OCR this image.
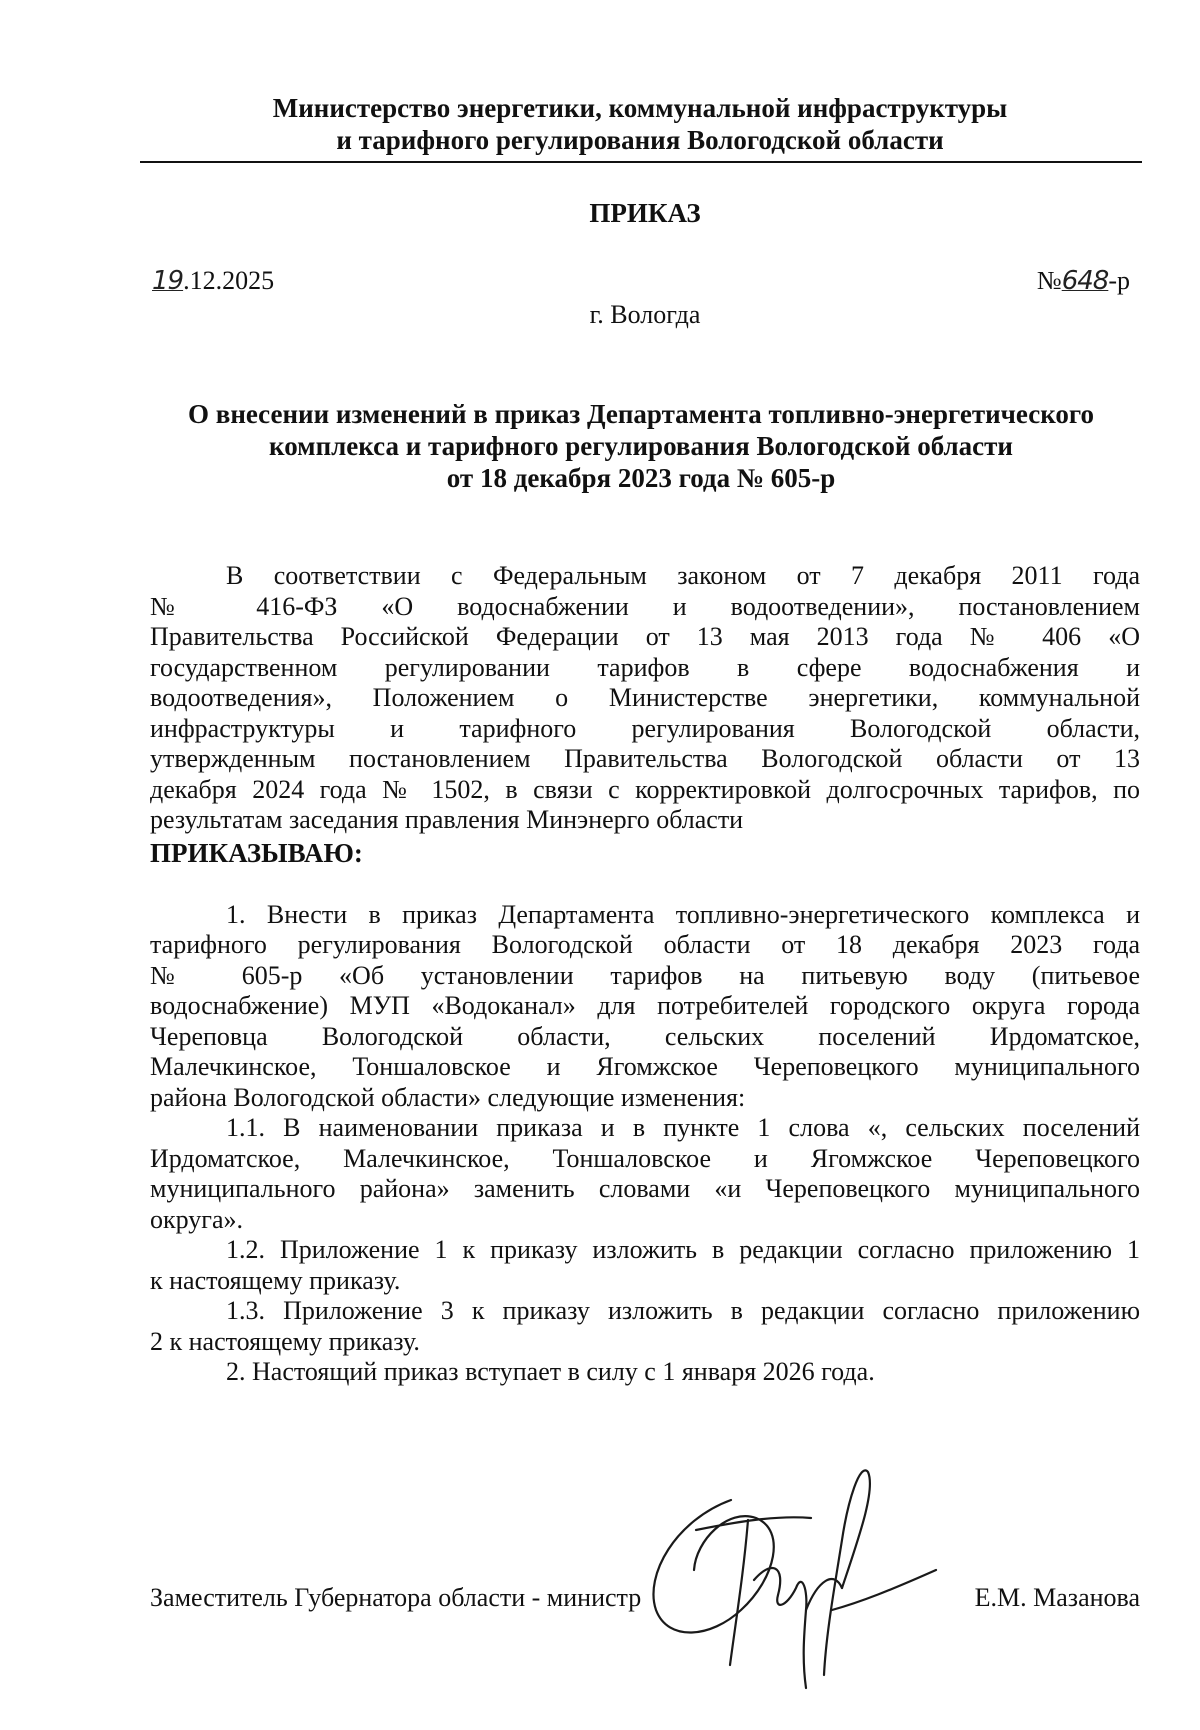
Министерство энергетики, коммунальной инфраструктуры
и тарифного регулирования Вологодской области
ПРИКАЗ
19.12.2025	№648-р
г. Вологда
О внесении изменений в приказ Департамента топливно-энергетического
комплекса и тарифного регулирования Вологодской области
от 18 декабря 2023 года № 605-р
В соответствии с Федеральным законом от 7 декабря 2011 года
№ 416-ФЗ «О водоснабжении и водоотведении», постановлением
Правительства Российской Федерации от 13 мая 2013 года № 406 «О
государственном регулировании тарифов в сфере водоснабжения и
водоотведения», Положением о Министерстве энергетики, коммунальной
инфраструктуры и тарифного регулирования Вологодской области,
утвержденным постановлением Правительства Вологодской области от 13
декабря 2024 года № 1502, в связи с корректировкой долгосрочных тарифов, по
результатам заседания правления Минэнерго области
ПРИКАЗЫВАЮ:
1. Внести в приказ Департамента топливно-энергетического комплекса и
тарифного регулирования Вологодской области от 18 декабря 2023 года
№ 605-р «Об установлении тарифов на питьевую воду (питьевое
водоснабжение) МУП «Водоканал» для потребителей городского округа города
Череповца Вологодской области, сельских поселений Ирдоматское,
Малечкинское, Тоншаловское и Ягомжское Череповецкого муниципального
района Вологодской области» следующие изменения:
1.1. В наименовании приказа и в пункте 1 слова «, сельских поселений
Ирдоматское, Малечкинское, Тоншаловское и Ягомжское Череповецкого
муниципального района» заменить словами «и Череповецкого муниципального
округа».
1.2. Приложение 1 к приказу изложить в редакции согласно приложению 1
к настоящему приказу.
1.3. Приложение 3 к приказу изложить в редакции согласно приложению
2 к настоящему приказу.
2. Настоящий приказ вступает в силу с 1 января 2026 года.
Заместитель Губернатора области - министр	Е.М. Мазанова
